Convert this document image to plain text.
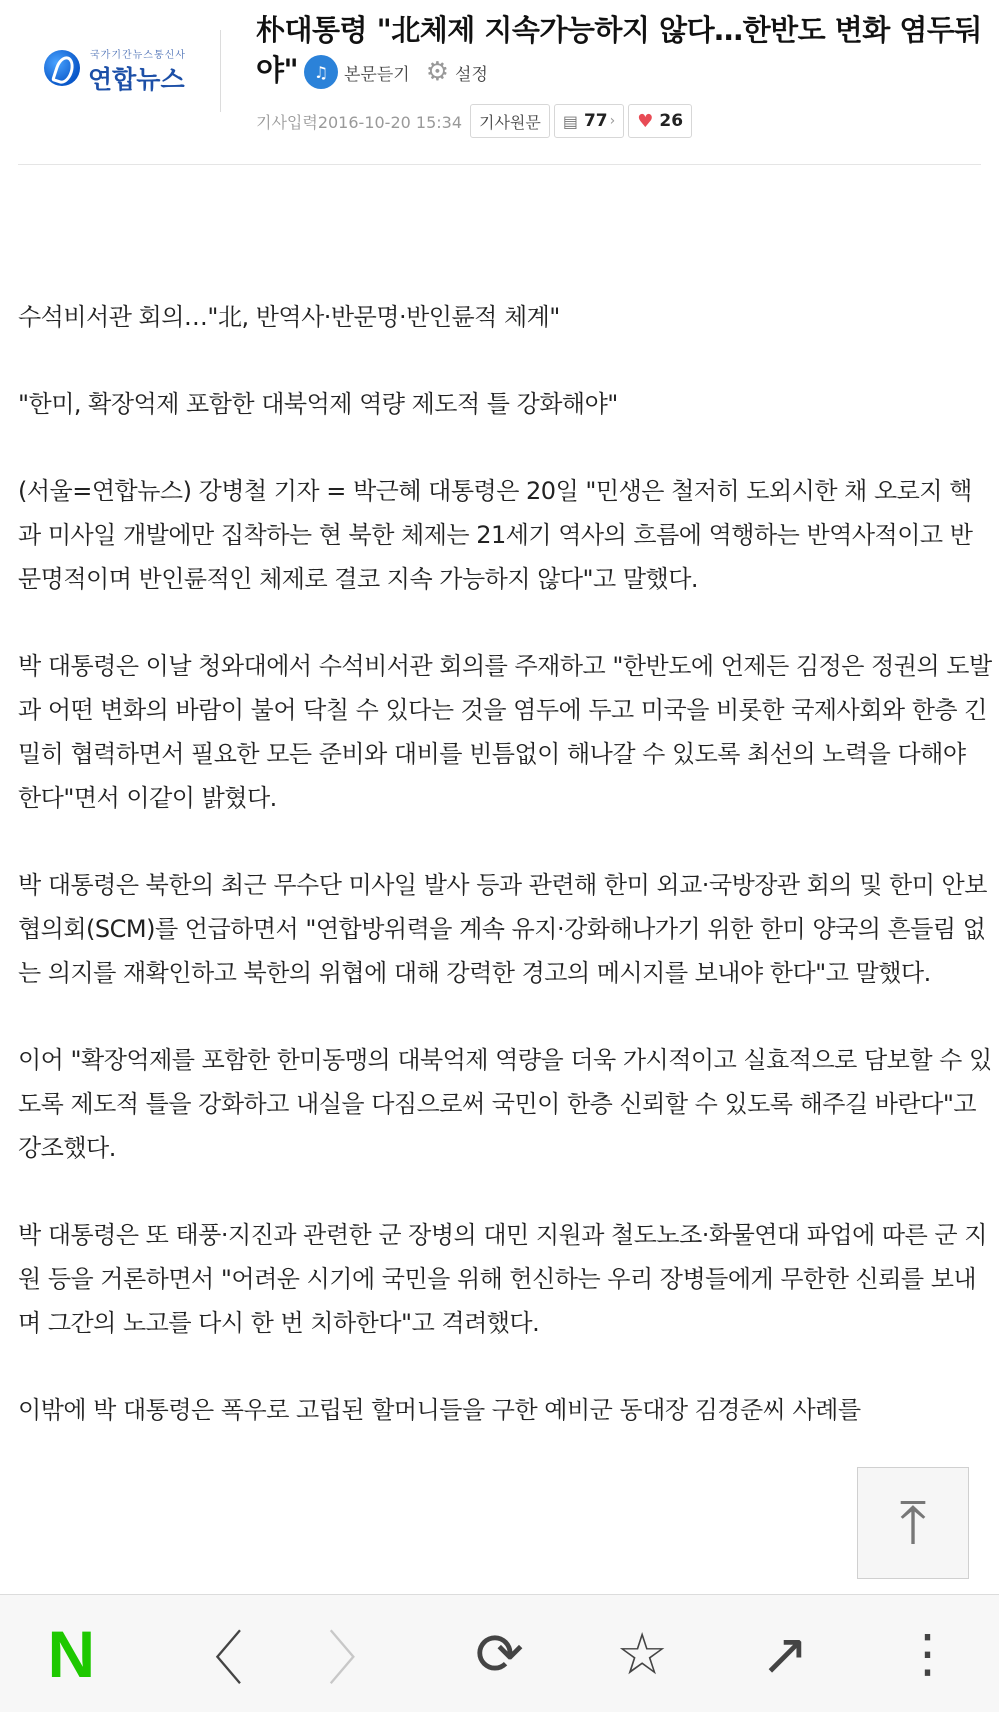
국가기간뉴스통신사
연합뉴스
朴대통령 "北체제 지속가능하지 않다…한반도 변화 염두둬야" ♫ 본문듣기 ⚙ 설정
기사입력2016-10-20 15:34 기사원문 ▤ 77 › ♥ 26

수석비서관 회의…"北, 반역사·반문명·반인륜적 체계"

"한미, 확장억제 포함한 대북억제 역량 제도적 틀 강화해야"

(서울=연합뉴스) 강병철 기자 = 박근혜 대통령은 20일 "민생은 철저히 도외시한 채 오로지 핵과 미사일 개발에만 집착하는 현 북한 체제는 21세기 역사의 흐름에 역행하는 반역사적이고 반문명적이며 반인륜적인 체제로 결코 지속 가능하지 않다"고 말했다.

박 대통령은 이날 청와대에서 수석비서관 회의를 주재하고 "한반도에 언제든 김정은 정권의 도발과 어떤 변화의 바람이 불어 닥칠 수 있다는 것을 염두에 두고 미국을 비롯한 국제사회와 한층 긴밀히 협력하면서 필요한 모든 준비와 대비를 빈틈없이 해나갈 수 있도록 최선의 노력을 다해야 한다"면서 이같이 밝혔다.

박 대통령은 북한의 최근 무수단 미사일 발사 등과 관련해 한미 외교·국방장관 회의 및 한미 안보협의회(SCM)를 언급하면서 "연합방위력을 계속 유지·강화해나가기 위한 한미 양국의 흔들림 없는 의지를 재확인하고 북한의 위협에 대해 강력한 경고의 메시지를 보내야 한다"고 말했다.

이어 "확장억제를 포함한 한미동맹의 대북억제 역량을 더욱 가시적이고 실효적으로 담보할 수 있도록 제도적 틀을 강화하고 내실을 다짐으로써 국민이 한층 신뢰할 수 있도록 해주길 바란다"고 강조했다.

박 대통령은 또 태풍·지진과 관련한 군 장병의 대민 지원과 철도노조·화물연대 파업에 따른 군 지원 등을 거론하면서 "어려운 시기에 국민을 위해 헌신하는 우리 장병들에게 무한한 신뢰를 보내며 그간의 노고를 다시 한 번 치하한다"고 격려했다.

이밖에 박 대통령은 폭우로 고립된 할머니들을 구한 예비군 동대장 김경준씨 사례를

⤒
N 〈 〉 ⟳ ☆ ↗ ⋮
